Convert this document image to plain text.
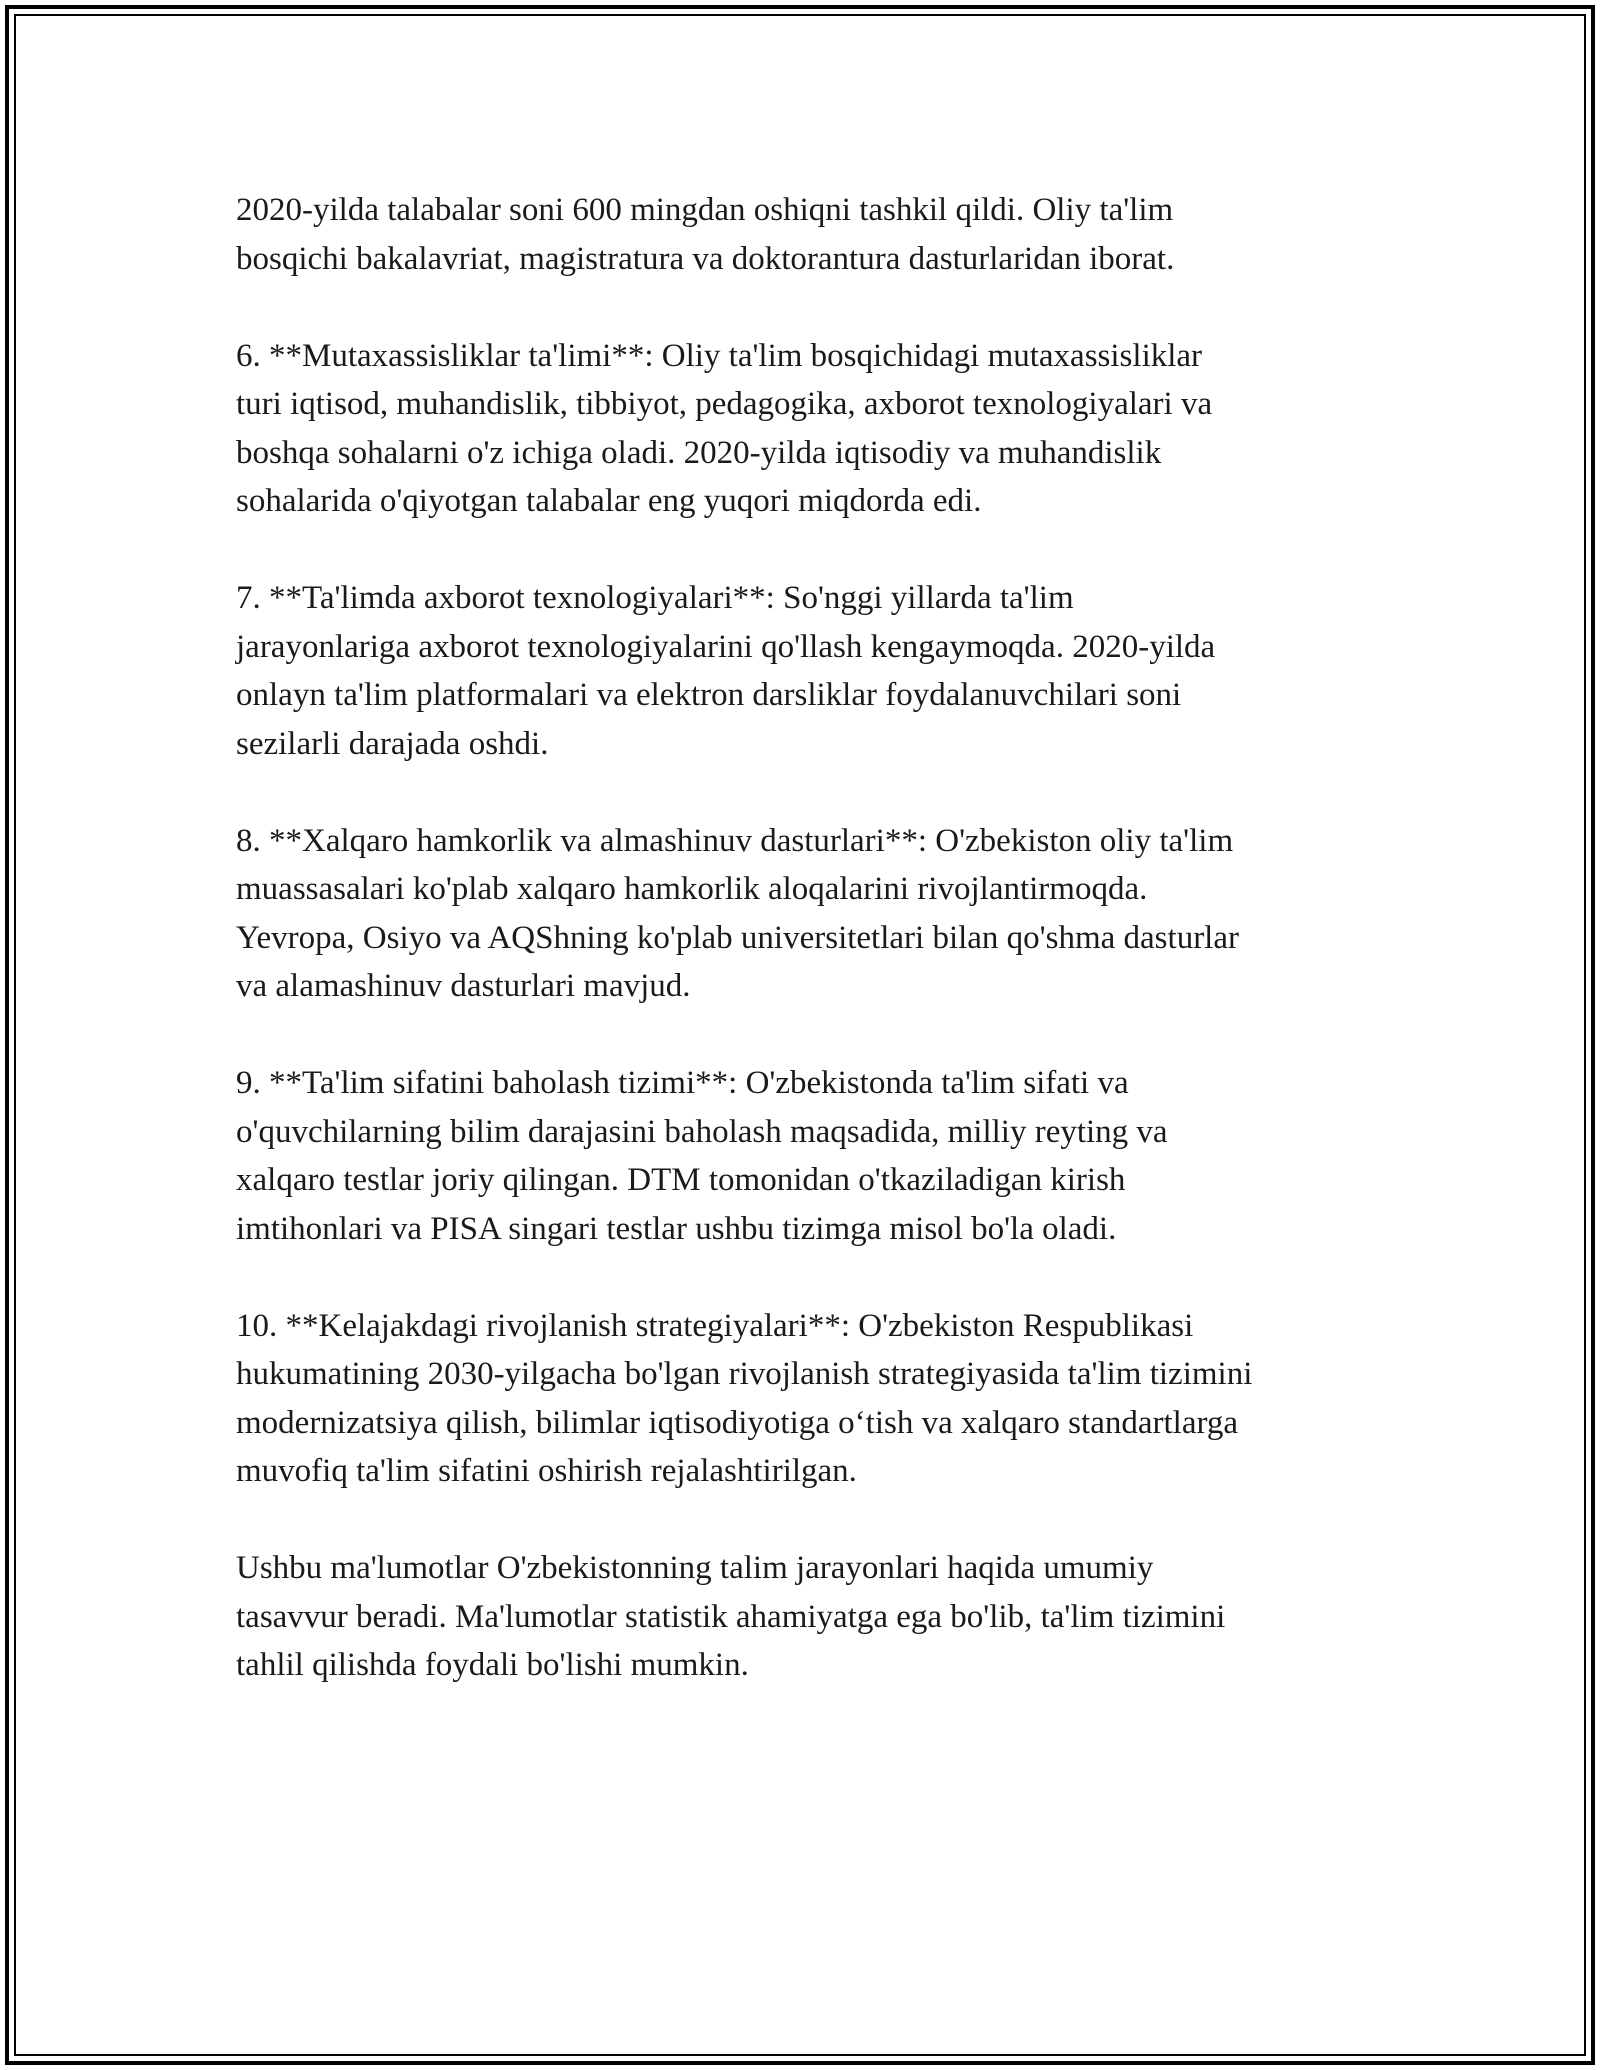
2020-yilda talabalar soni 600 mingdan oshiqni tashkil qildi. Oliy ta'lim
bosqichi bakalavriat, magistratura va doktorantura dasturlaridan iborat.

6. **Mutaxassisliklar ta'limi**: Oliy ta'lim bosqichidagi mutaxassisliklar
turi iqtisod, muhandislik, tibbiyot, pedagogika, axborot texnologiyalari va
boshqa sohalarni o'z ichiga oladi. 2020-yilda iqtisodiy va muhandislik
sohalarida o'qiyotgan talabalar eng yuqori miqdorda edi.

7. **Ta'limda axborot texnologiyalari**: So'nggi yillarda ta'lim
jarayonlariga axborot texnologiyalarini qo'llash kengaymoqda. 2020-yilda
onlayn ta'lim platformalari va elektron darsliklar foydalanuvchilari soni
sezilarli darajada oshdi.

8. **Xalqaro hamkorlik va almashinuv dasturlari**: O'zbekiston oliy ta'lim
muassasalari ko'plab xalqaro hamkorlik aloqalarini rivojlantirmoqda.
Yevropa, Osiyo va AQShning ko'plab universitetlari bilan qo'shma dasturlar
va alamashinuv dasturlari mavjud.

9. **Ta'lim sifatini baholash tizimi**: O'zbekistonda ta'lim sifati va
o'quvchilarning bilim darajasini baholash maqsadida, milliy reyting va
xalqaro testlar joriy qilingan. DTM tomonidan o'tkaziladigan kirish
imtihonlari va PISA singari testlar ushbu tizimga misol bo'la oladi.

10. **Kelajakdagi rivojlanish strategiyalari**: O'zbekiston Respublikasi
hukumatining 2030-yilgacha bo'lgan rivojlanish strategiyasida ta'lim tizimini
modernizatsiya qilish, bilimlar iqtisodiyotiga o‘tish va xalqaro standartlarga
muvofiq ta'lim sifatini oshirish rejalashtirilgan.

Ushbu ma'lumotlar O'zbekistonning talim jarayonlari haqida umumiy
tasavvur beradi. Ma'lumotlar statistik ahamiyatga ega bo'lib, ta'lim tizimini
tahlil qilishda foydali bo'lishi mumkin.
